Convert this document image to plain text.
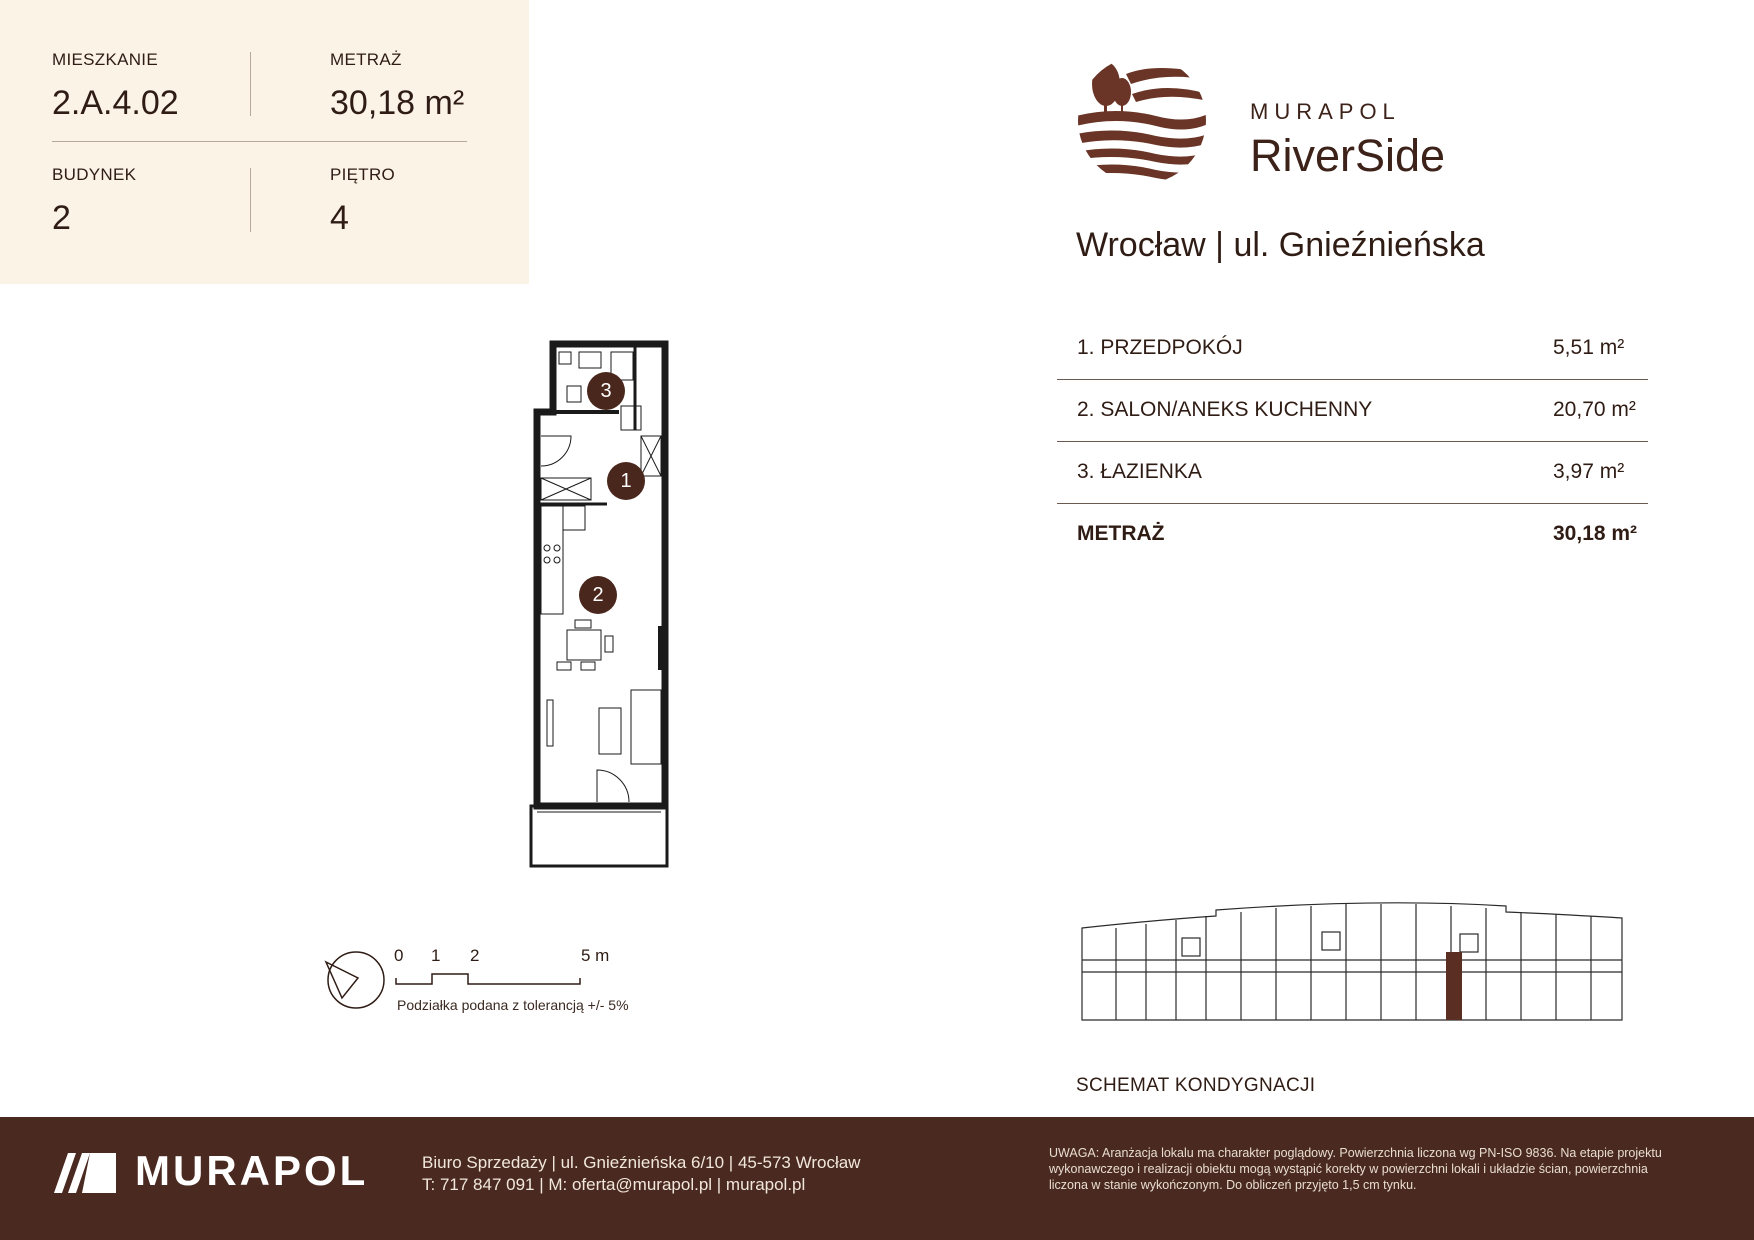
MIESZKANIE
2.A.4.02
METRAŻ
30,18 m²
BUDYNEK
2
PIĘTRO
4
MURAPOL
RiverSide
Wrocław | ul. Gnieźnieńska
1. PRZEDPOKÓJ	5,51 m²
2. SALON/ANEKS KUCHENNY	20,70 m²
3. ŁAZIENKA	3,97 m²
METRAŻ	30,18 m²
3
1
2
0 1 2	5 m
Podziałka podana z tolerancją +/- 5%
SCHEMAT KONDYGNACJI
MURAPOL	Biuro Sprzedaży | ul. Gnieźnieńska 6/10 | 45-573 Wrocław
T: 717 847 091 | M: oferta@murapol.pl | murapol.pl
UWAGA: Aranżacja lokalu ma charakter poglądowy. Powierzchnia liczona wg PN-ISO 9836. Na etapie projektu wykonawczego i realizacji obiektu mogą wystąpić korekty w powierzchni lokali i układzie ścian, powierzchnia liczona w stanie wykończonym. Do obliczeń przyjęto 1,5 cm tynku.
